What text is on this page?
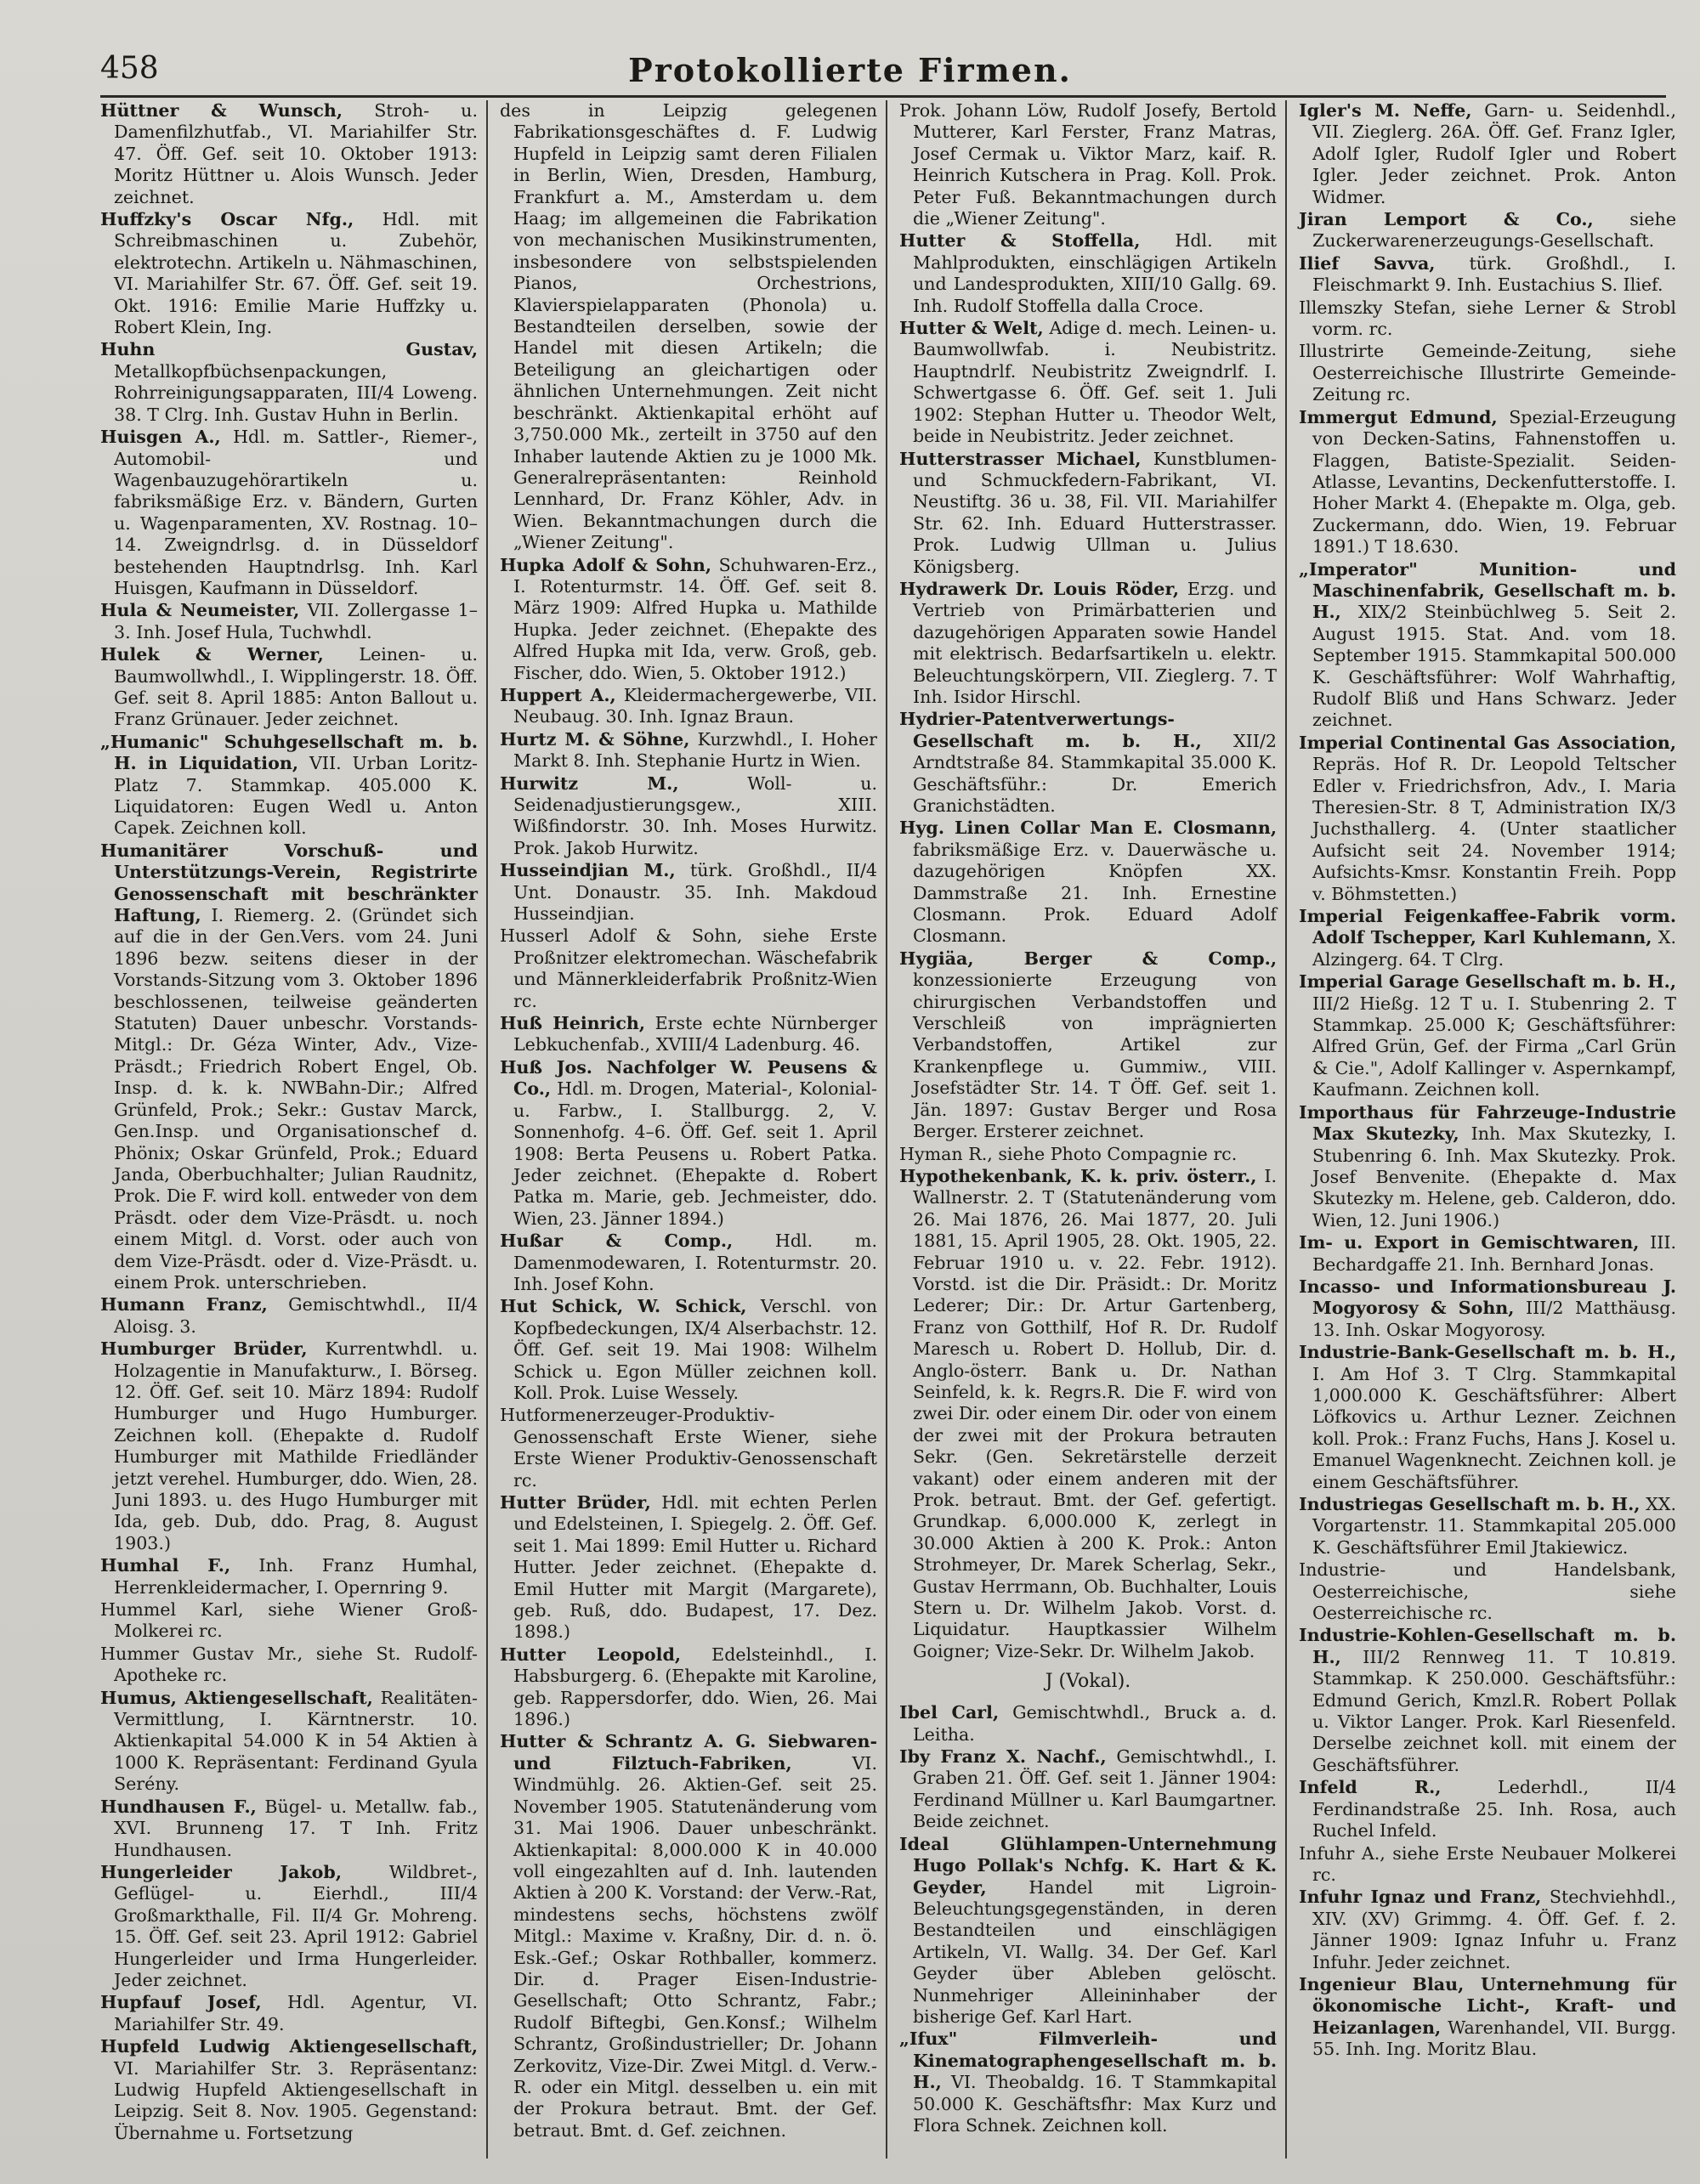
458	Protokollierte Firmen.
Hüttner & Wunsch, Stroh- u. Damenfilzhutfab., VI. Mariahilfer Str. 47. Öff. Gef. seit 10. Oktober 1913: Moritz Hüttner u. Alois Wunsch. Jeder zeichnet.
Huffzky's Oscar Nfg., Hdl. mit Schreibmaschinen u. Zubehör, elektrotechn. Artikeln u. Nähmaschinen, VI. Mariahilfer Str. 67. Öff. Gef. seit 19. Okt. 1916: Emilie Marie Huffzky u. Robert Klein, Ing.
Huhn Gustav, Metallkopfbüchsenpackungen, Rohrreinigungsapparaten, III/4 Loweng. 38. T Clrg. Inh. Gustav Huhn in Berlin.
Huisgen A., Hdl. m. Sattler-, Riemer-, Automobil- und Wagenbauzugehörartikeln u. fabriksmäßige Erz. v. Bändern, Gurten u. Wagenparamenten, XV. Rostnag. 10–14. Zweigndrlsg. d. in Düsseldorf bestehenden Hauptndrlsg. Inh. Karl Huisgen, Kaufmann in Düsseldorf.
Hula & Neumeister, VII. Zollergasse 1–3. Inh. Josef Hula, Tuchwhdl.
Hulek & Werner, Leinen- u. Baumwollwhdl., I. Wipplingerstr. 18. Öff. Gef. seit 8. April 1885: Anton Ballout u. Franz Grünauer. Jeder zeichnet.
„Humanic" Schuhgesellschaft m. b. H. in Liquidation, VII. Urban Loritz-Platz 7. Stammkap. 405.000 K. Liquidatoren: Eugen Wedl u. Anton Capek. Zeichnen koll.
Humanitärer Vorschuß- und Unterstützungs-Verein, Registrirte Genossenschaft mit beschränkter Haftung, I. Riemerg. 2. (Gründet sich auf die in der Gen.Vers. vom 24. Juni 1896 bezw. seitens dieser in der Vorstands-Sitzung vom 3. Oktober 1896 beschlossenen, teilweise geänderten Statuten) Dauer unbeschr. Vorstands-Mitgl.: Dr. Géza Winter, Adv., Vize-Präsdt.; Friedrich Robert Engel, Ob. Insp. d. k. k. NWBahn-Dir.; Alfred Grünfeld, Prok.; Sekr.: Gustav Marck, Gen.Insp. und Organisationschef d. Phönix; Oskar Grünfeld, Prok.; Eduard Janda, Oberbuchhalter; Julian Raudnitz, Prok. Die F. wird koll. entweder von dem Präsdt. oder dem Vize-Präsdt. u. noch einem Mitgl. d. Vorst. oder auch von dem Vize-Präsdt. oder d. Vize-Präsdt. u. einem Prok. unterschrieben.
Humann Franz, Gemischtwhdl., II/4 Aloisg. 3.
Humburger Brüder, Kurrentwhdl. u. Holzagentie in Manufakturw., I. Börseg. 12. Öff. Gef. seit 10. März 1894: Rudolf Humburger und Hugo Humburger. Zeichnen koll. (Ehepakte d. Rudolf Humburger mit Mathilde Friedländer jetzt verehel. Humburger, ddo. Wien, 28. Juni 1893. u. des Hugo Humburger mit Ida, geb. Dub, ddo. Prag, 8. August 1903.)
Humhal F., Inh. Franz Humhal, Herrenkleidermacher, I. Opernring 9.
Hummel Karl, siehe Wiener Groß-Molkerei rc.
Hummer Gustav Mr., siehe St. Rudolf-Apotheke rc.
Humus, Aktiengesellschaft, Realitäten-Vermittlung, I. Kärntnerstr. 10. Aktienkapital 54.000 K in 54 Aktien à 1000 K. Repräsentant: Ferdinand Gyula Serény.
Hundhausen F., Bügel- u. Metallw. fab., XVI. Brunneng 17. T Inh. Fritz Hundhausen.
Hungerleider Jakob,	Wildbret-, Geflügel- u. Eierhdl., III/4 Großmarkthalle, Fil. II/4 Gr. Mohreng. 15. Öff. Gef. seit 23. April 1912: Gabriel Hungerleider und Irma Hungerleider. Jeder zeichnet.
Hupfauf Josef, Hdl. Agentur, VI. Mariahilfer Str. 49.
Hupfeld Ludwig Aktiengesellschaft, VI. Mariahilfer Str. 3. Repräsentanz: Ludwig Hupfeld Aktiengesellschaft in Leipzig. Seit 8. Nov. 1905. Gegenstand: Übernahme u. Fortsetzung
des in Leipzig gelegenen Fabrikationsgeschäftes d. F. Ludwig Hupfeld in Leipzig samt deren Filialen in Berlin, Wien, Dresden, Hamburg, Frankfurt a. M., Amsterdam u. dem Haag; im allgemeinen die Fabrikation von mechanischen Musikinstrumenten, insbesondere von selbstspielenden Pianos, Orchestrions, Klavierspielapparaten (Phonola) u. Bestandteilen derselben, sowie der Handel mit diesen Artikeln; die Beteiligung an gleichartigen oder ähnlichen Unternehmungen. Zeit nicht beschränkt. Aktienkapital erhöht auf 3,750.000 Mk., zerteilt in 3750 auf den Inhaber lautende Aktien zu je 1000 Mk. Generalrepräsentanten: Reinhold Lennhard, Dr. Franz Köhler, Adv. in Wien. Bekanntmachungen durch die „Wiener Zeitung".
Hupka Adolf & Sohn, Schuhwaren-Erz., I. Rotenturmstr. 14. Öff. Gef. seit 8. März 1909: Alfred Hupka u. Mathilde Hupka. Jeder zeichnet. (Ehepakte des Alfred Hupka mit Ida, verw. Groß, geb. Fischer, ddo. Wien, 5. Oktober 1912.)
Huppert A., Kleidermachergewerbe, VII. Neubaug. 30. Inh. Ignaz Braun.
Hurtz M. & Söhne, Kurzwhdl., I. Hoher Markt 8. Inh. Stephanie Hurtz in Wien.
Hurwitz M.,	Woll- u. Seidenadjustierungsgew., XIII. Wißfindorstr. 30. Inh. Moses Hurwitz. Prok. Jakob Hurwitz.
Husseindjian M., türk. Großhdl., II/4 Unt. Donaustr. 35. Inh. Makdoud Husseindjian.
Husserl Adolf & Sohn, siehe Erste Proßnitzer elektromechan. Wäschefabrik und Männerkleiderfabrik Proßnitz-Wien rc.
Huß Heinrich, Erste echte Nürnberger Lebkuchenfab., XVIII/4 Ladenburg. 46.
Huß Jos. Nachfolger W. Peusens & Co., Hdl. m. Drogen, Material-, Kolonial- u. Farbw., I. Stallburgg. 2, V. Sonnenhofg. 4–6. Öff. Gef. seit 1. April 1908: Berta Peusens u. Robert Patka. Jeder zeichnet. (Ehepakte d. Robert Patka m. Marie, geb. Jechmeister, ddo. Wien, 23. Jänner 1894.)
Hußar & Comp., Hdl. m. Damenmodewaren, I. Rotenturmstr. 20. Inh. Josef Kohn.
Hut Schick, W. Schick, Verschl. von Kopfbedeckungen, IX/4 Alserbachstr. 12. Öff. Gef. seit 19. Mai 1908: Wilhelm Schick u. Egon Müller zeichnen koll. Koll. Prok. Luise Wessely.
Hutformenerzeuger-Produktiv-Genossenschaft Erste Wiener, siehe Erste Wiener Produktiv-Genossenschaft rc.
Hutter Brüder, Hdl. mit echten Perlen und Edelsteinen, I. Spiegelg. 2. Öff. Gef. seit 1. Mai 1899: Emil Hutter u. Richard Hutter. Jeder zeichnet. (Ehepakte d. Emil Hutter mit Margit (Margarete), geb. Ruß, ddo. Budapest, 17. Dez. 1898.)
Hutter Leopold, Edelsteinhdl., I. Habsburgerg. 6. (Ehepakte mit Karoline, geb. Rappersdorfer, ddo. Wien, 26. Mai 1896.)
Hutter & Schrantz A. G. Siebwaren- und Filztuch-Fabriken,	VI. Windmühlg. 26. Aktien-Gef. seit 25. November 1905. Statutenänderung vom 31. Mai 1906. Dauer unbeschränkt. Aktienkapital: 8,000.000 K in 40.000 voll eingezahlten auf d. Inh. lautenden Aktien à 200 K. Vorstand: der Verw.-Rat, mindestens sechs, höchstens zwölf Mitgl.: Maxime v. Kraßny, Dir. d. n. ö. Esk.-Gef.; Oskar Rothballer, kommerz. Dir. d. Prager Eisen-Industrie-Gesellschaft; Otto Schrantz, Fabr.; Rudolf Biftegbi, Gen.Konsf.; Wilhelm Schrantz, Großindustrieller; Dr. Johann Zerkovitz, Vize-Dir. Zwei Mitgl. d. Verw.-R. oder ein Mitgl. desselben u. ein mit der Prokura betraut. Bmt. der Gef. betraut. Bmt. d. Gef. zeichnen.
Prok. Johann Löw, Rudolf Josefy, Bertold Mutterer, Karl Ferster, Franz Matras, Josef Cermak u. Viktor Marz, kaif. R. Heinrich Kutschera in Prag. Koll. Prok. Peter Fuß. Bekanntmachungen durch die „Wiener Zeitung".
Hutter & Stoffella, Hdl. mit Mahlprodukten, einschlägigen Artikeln und Landesprodukten, XIII/10 Gallg. 69. Inh. Rudolf Stoffella dalla Croce.
Hutter & Welt, Adige d. mech. Leinen- u. Baumwollwfab. i. Neubistritz. Hauptndrlf. Neubistritz Zweigndrlf. I. Schwertgasse 6. Öff. Gef. seit 1. Juli 1902: Stephan Hutter u. Theodor Welt, beide in Neubistritz. Jeder zeichnet.
Hutterstrasser Michael, Kunstblumen- und Schmuckfedern-Fabrikant, VI. Neustiftg. 36 u. 38, Fil. VII. Mariahilfer Str. 62. Inh. Eduard Hutterstrasser. Prok. Ludwig Ullman u. Julius Königsberg.
Hydrawerk Dr. Louis Röder, Erzg. und Vertrieb von Primärbatterien und dazugehörigen Apparaten sowie Handel mit elektrisch. Bedarfsartikeln u. elektr. Beleuchtungskörpern, VII. Zieglerg. 7. T Inh. Isidor Hirschl.
Hydrier-Patentverwertungs-Gesellschaft m. b. H., XII/2 Arndtstraße 84. Stammkapital 35.000 K. Geschäftsführ.: Dr. Emerich Granichstädten.
Hyg. Linen Collar Man E. Closmann, fabriksmäßige Erz. v. Dauerwäsche u. dazugehörigen Knöpfen XX. Dammstraße 21. Inh. Ernestine Closmann. Prok. Eduard Adolf Closmann.
Hygiäa, Berger & Comp., konzessionierte Erzeugung von chirurgischen Verbandstoffen und Verschleiß von imprägnierten Verbandstoffen, Artikel zur Krankenpflege u. Gummiw., VIII. Josefstädter Str. 14. T Öff. Gef. seit 1. Jän. 1897: Gustav Berger und Rosa Berger. Ersterer zeichnet.
Hyman R., siehe Photo Compagnie rc.
Hypothekenbank, K. k. priv. österr., I. Wallnerstr. 2. T (Statutenänderung vom 26. Mai 1876, 26. Mai 1877, 20. Juli 1881, 15. April 1905, 28. Okt. 1905, 22. Februar 1910 u. v. 22. Febr. 1912). Vorstd. ist die Dir. Präsidt.: Dr. Moritz Lederer; Dir.: Dr. Artur Gartenberg, Franz von Gotthilf, Hof R. Dr. Rudolf Maresch u. Robert D. Hollub, Dir. d. Anglo-österr. Bank u. Dr. Nathan Seinfeld, k. k. Regrs.R. Die F. wird von zwei Dir. oder einem Dir. oder von einem der zwei mit der Prokura betrauten Sekr. (Gen. Sekretärstelle derzeit vakant) oder einem anderen mit der Prok. betraut. Bmt. der Gef. gefertigt. Grundkap. 6,000.000 K, zerlegt in 30.000 Aktien à 200 K. Prok.: Anton Strohmeyer, Dr. Marek Scherlag, Sekr., Gustav Herrmann, Ob. Buchhalter, Louis Stern u. Dr. Wilhelm Jakob. Vorst. d. Liquidatur. Hauptkassier Wilhelm Goigner; Vize-Sekr. Dr. Wilhelm Jakob.
J (Vokal).
Ibel Carl, Gemischtwhdl., Bruck a. d. Leitha.
Iby Franz X. Nachf., Gemischtwhdl., I. Graben 21. Öff. Gef. seit 1. Jänner 1904: Ferdinand Müllner u. Karl Baumgartner. Beide zeichnet.
Ideal Glühlampen-Unternehmung Hugo Pollak's Nchfg. K. Hart & K. Geyder, Handel mit Ligroin-Beleuchtungsgegenständen, in deren Bestandteilen und einschlägigen Artikeln, VI. Wallg. 34. Der Gef. Karl Geyder über Ableben gelöscht. Nunmehriger Alleininhaber der bisherige Gef. Karl Hart.
„Ifux" Filmverleih- und Kinematographengesellschaft m. b. H., VI. Theobaldg. 16. T Stammkapital 50.000 K. Geschäftsfhr: Max Kurz und Flora Schnek. Zeichnen koll.
Igler's M. Neffe, Garn- u. Seidenhdl., VII. Zieglerg. 26A. Öff. Gef. Franz Igler, Adolf Igler, Rudolf Igler und Robert Igler. Jeder zeichnet. Prok. Anton Widmer.
Jiran Lemport & Co., siehe Zuckerwarenerzeugungs-Gesellschaft.
Ilief Savva, türk. Großhdl., I. Fleischmarkt 9. Inh. Eustachius S. Ilief.
Illemszky Stefan, siehe Lerner & Strobl vorm. rc.
Illustrirte Gemeinde-Zeitung, siehe Oesterreichische Illustrirte Gemeinde-Zeitung rc.
Immergut Edmund, Spezial-Erzeugung von Decken-Satins, Fahnenstoffen u. Flaggen, Batiste-Spezialit. Seiden-Atlasse, Levantins, Deckenfutterstoffe. I. Hoher Markt 4. (Ehepakte m. Olga, geb. Zuckermann, ddo. Wien, 19. Februar 1891.) T 18.630.
„Imperator" Munition- und Maschinenfabrik, Gesellschaft m. b. H., XIX/2 Steinbüchlweg 5. Seit 2. August 1915. Stat. And. vom 18. September 1915. Stammkapital 500.000 K. Geschäftsführer: Wolf Wahrhaftig, Rudolf Bliß und Hans Schwarz. Jeder zeichnet.
Imperial Continental Gas Association, Repräs. Hof R. Dr. Leopold Teltscher Edler v. Friedrichsfron, Adv., I. Maria Theresien-Str. 8 T, Administration IX/3 Juchsthallerg. 4. (Unter staatlicher Aufsicht seit 24. November 1914; Aufsichts-Kmsr. Konstantin Freih. Popp v. Böhmstetten.)
Imperial Feigenkaffee-Fabrik vorm. Adolf Tschepper, Karl Kuhlemann, X. Alzingerg. 64. T Clrg.
Imperial Garage Gesellschaft m. b. H., III/2 Hießg. 12 T u. I. Stubenring 2. T Stammkap. 25.000 K; Geschäftsführer: Alfred Grün, Gef. der Firma „Carl Grün & Cie.", Adolf Kallinger v. Aspernkampf, Kaufmann. Zeichnen koll.
Importhaus für Fahrzeuge-Industrie Max Skutezky, Inh. Max Skutezky, I. Stubenring 6. Inh. Max Skutezky. Prok. Josef Benvenite. (Ehepakte d. Max Skutezky m. Helene, geb. Calderon, ddo. Wien, 12. Juni 1906.)
Im- u. Export in Gemischtwaren, III. Bechardgaffe 21. Inh. Bernhard Jonas.
Incasso- und Informationsbureau J. Mogyorosy & Sohn, III/2 Matthäusg. 13. Inh. Oskar Mogyorosy.
Industrie-Bank-Gesellschaft m. b. H., I. Am Hof 3. T Clrg. Stammkapital 1,000.000 K. Geschäftsführer: Albert Löfkovics u. Arthur Lezner. Zeichnen koll. Prok.: Franz Fuchs, Hans J. Kosel u. Emanuel Wagenknecht. Zeichnen koll. je einem Geschäftsführer.
Industriegas Gesellschaft m. b. H., XX. Vorgartenstr. 11. Stammkapital 205.000 K. Geschäftsführer Emil Jtakiewicz.
Industrie- und Handelsbank, Oesterreichische, siehe Oesterreichische rc.
Industrie-Kohlen-Gesellschaft m. b. H., III/2 Rennweg 11. T 10.819. Stammkap. K 250.000. Geschäftsführ.: Edmund Gerich, Kmzl.R. Robert Pollak u. Viktor Langer. Prok. Karl Riesenfeld. Derselbe zeichnet koll. mit einem der Geschäftsführer.
Infeld R.,	Lederhdl., II/4 Ferdinandstraße 25. Inh. Rosa, auch Ruchel Infeld.
Infuhr A., siehe Erste Neubauer Molkerei rc.
Infuhr Ignaz und Franz, Stechviehhdl., XIV. (XV) Grimmg. 4. Öff. Gef. f. 2. Jänner 1909: Ignaz Infuhr u. Franz Infuhr. Jeder zeichnet.
Ingenieur Blau, Unternehmung für ökonomische Licht-, Kraft- und Heizanlagen, Warenhandel, VII. Burgg. 55. Inh. Ing. Moritz Blau.
